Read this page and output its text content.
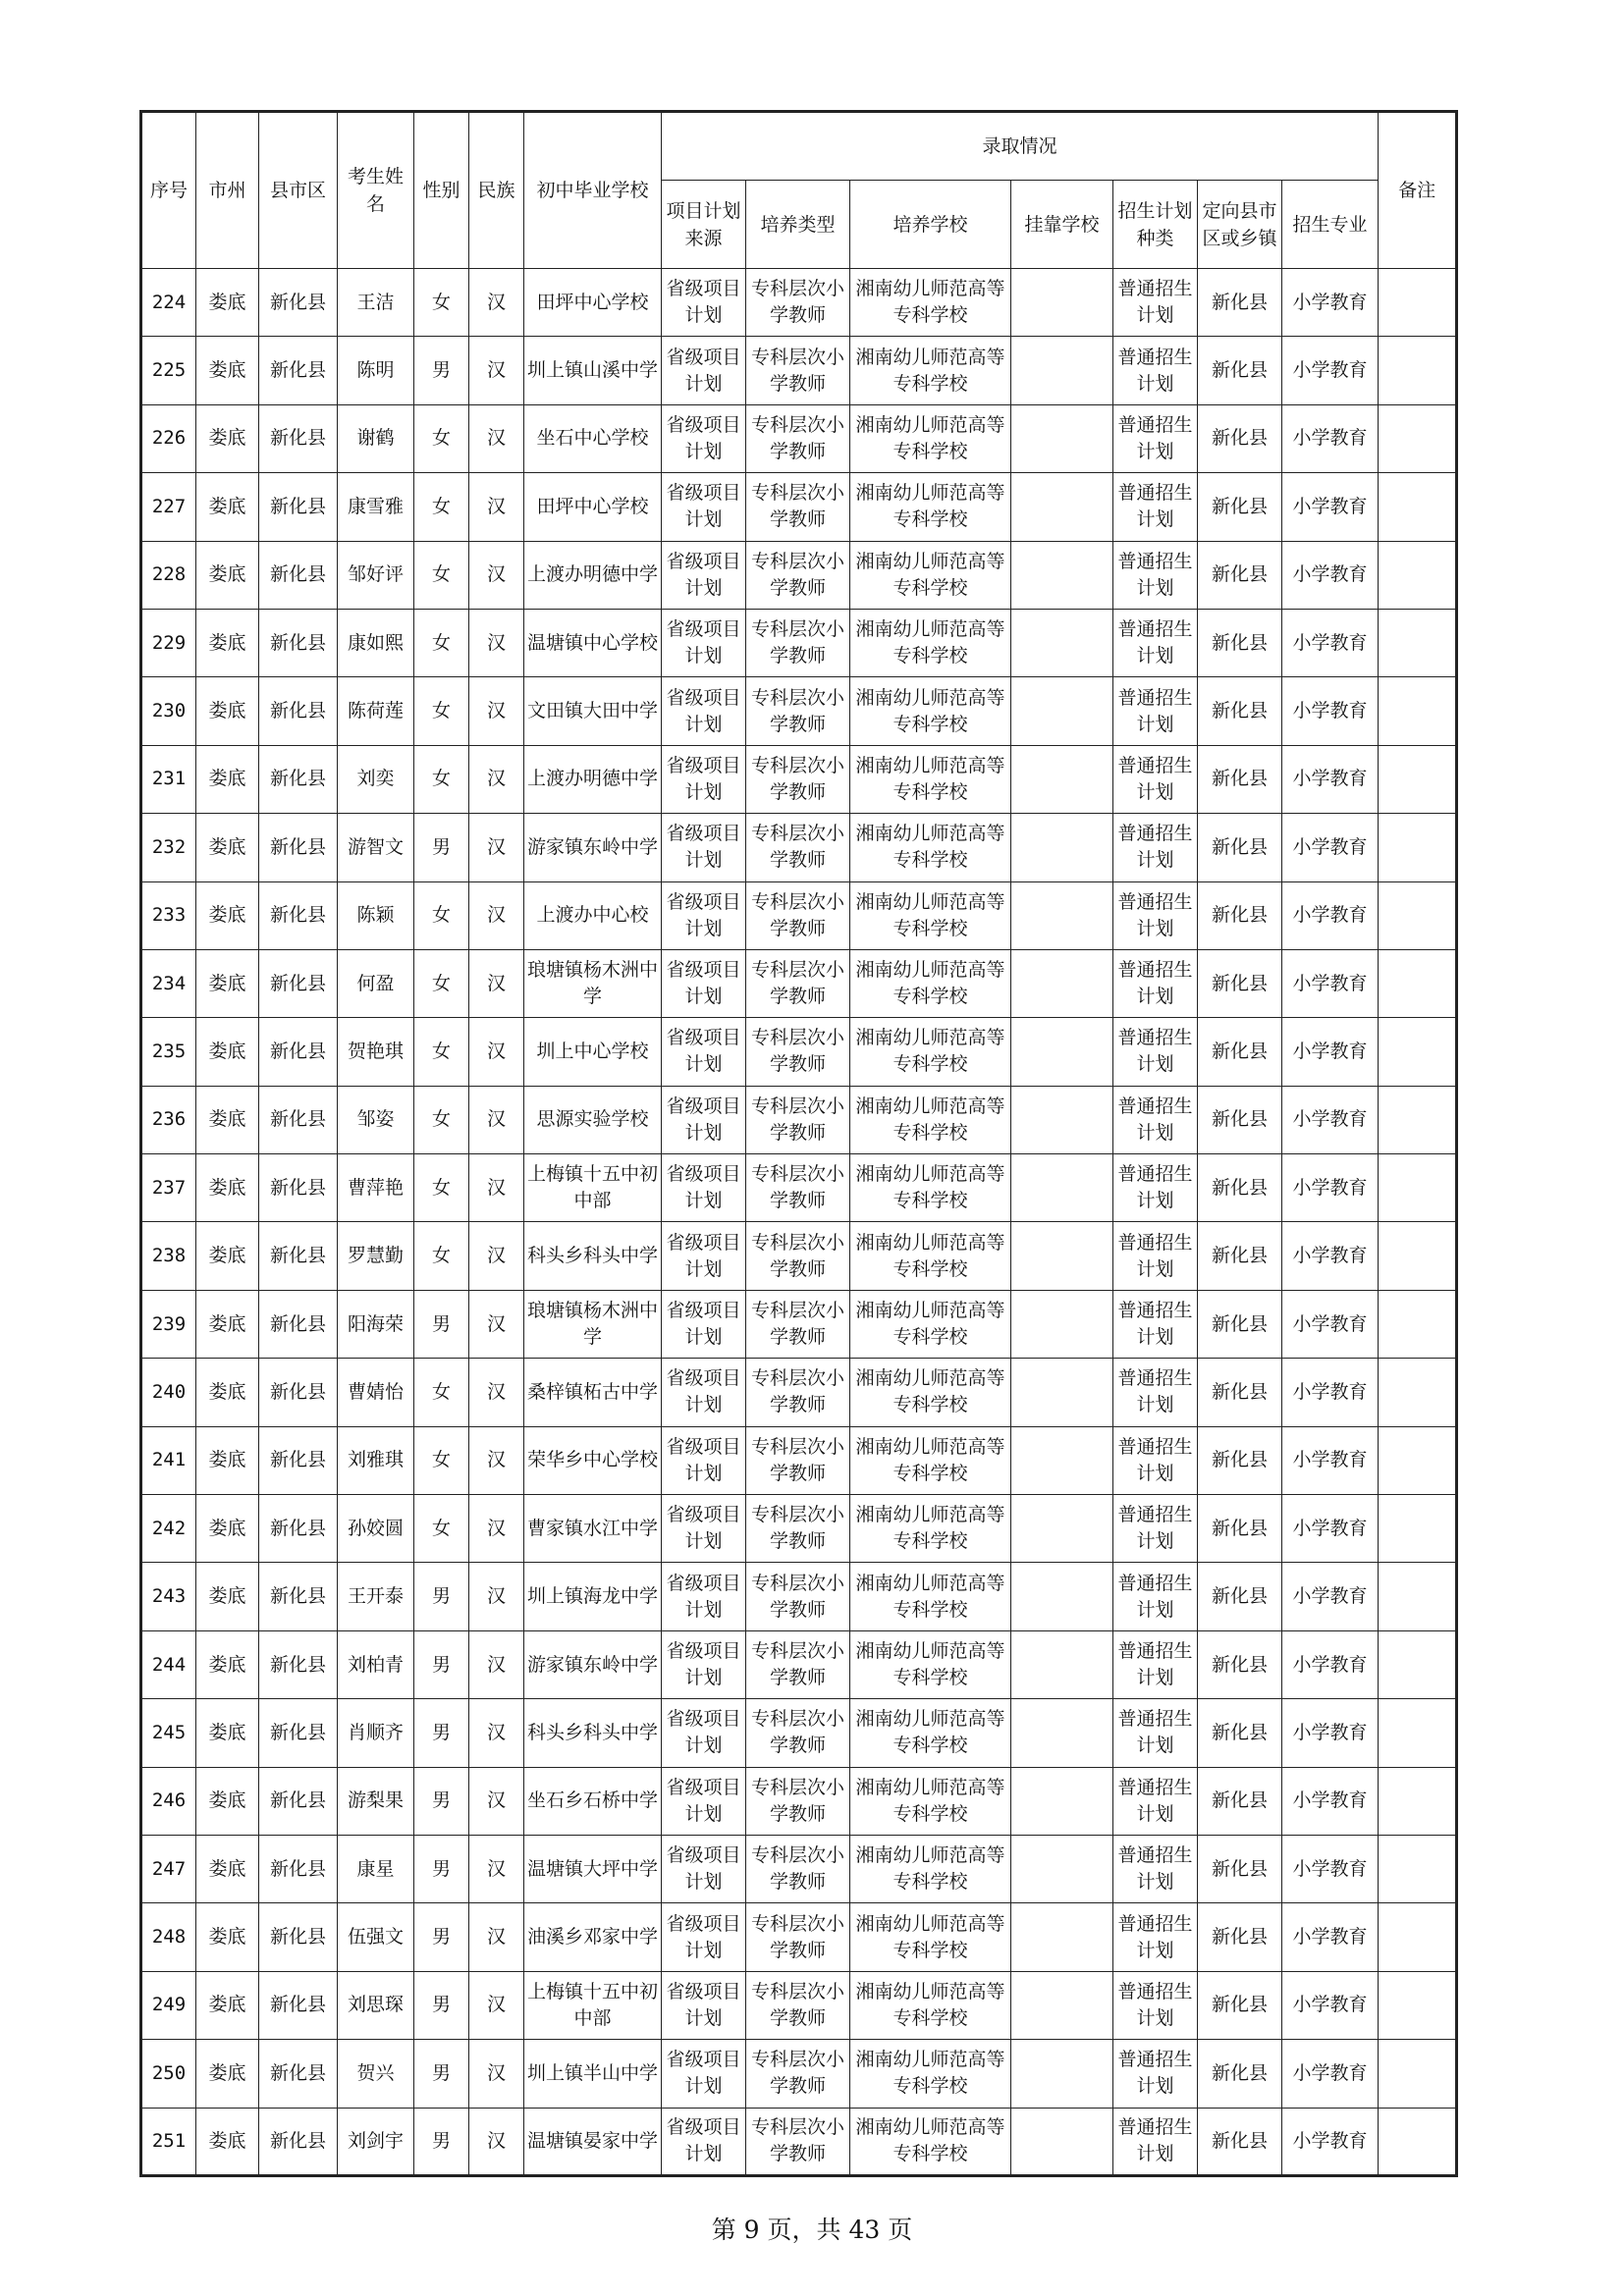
序号	市州	县市区	考生姓名	性别	民族	初中毕业学校	录取情况							备注
							项目计划来源	培养类型	培养学校	挂靠学校	招生计划种类	定向县市区或乡镇	招生专业	
224	娄底	新化县	王洁	女	汉	田坪中心学校	省级项目计划	专科层次小学教师	湘南幼儿师范高等专科学校		普通招生计划	新化县	小学教育	
225	娄底	新化县	陈明	男	汉	圳上镇山溪中学	省级项目计划	专科层次小学教师	湘南幼儿师范高等专科学校		普通招生计划	新化县	小学教育	
226	娄底	新化县	谢鹤	女	汉	坐石中心学校	省级项目计划	专科层次小学教师	湘南幼儿师范高等专科学校		普通招生计划	新化县	小学教育	
227	娄底	新化县	康雪雅	女	汉	田坪中心学校	省级项目计划	专科层次小学教师	湘南幼儿师范高等专科学校		普通招生计划	新化县	小学教育	
228	娄底	新化县	邹好评	女	汉	上渡办明德中学	省级项目计划	专科层次小学教师	湘南幼儿师范高等专科学校		普通招生计划	新化县	小学教育	
229	娄底	新化县	康如熙	女	汉	温塘镇中心学校	省级项目计划	专科层次小学教师	湘南幼儿师范高等专科学校		普通招生计划	新化县	小学教育	
230	娄底	新化县	陈荷莲	女	汉	文田镇大田中学	省级项目计划	专科层次小学教师	湘南幼儿师范高等专科学校		普通招生计划	新化县	小学教育	
231	娄底	新化县	刘奕	女	汉	上渡办明德中学	省级项目计划	专科层次小学教师	湘南幼儿师范高等专科学校		普通招生计划	新化县	小学教育	
232	娄底	新化县	游智文	男	汉	游家镇东岭中学	省级项目计划	专科层次小学教师	湘南幼儿师范高等专科学校		普通招生计划	新化县	小学教育	
233	娄底	新化县	陈颖	女	汉	上渡办中心校	省级项目计划	专科层次小学教师	湘南幼儿师范高等专科学校		普通招生计划	新化县	小学教育	
234	娄底	新化县	何盈	女	汉	琅塘镇杨木洲中学	省级项目计划	专科层次小学教师	湘南幼儿师范高等专科学校		普通招生计划	新化县	小学教育	
235	娄底	新化县	贺艳琪	女	汉	圳上中心学校	省级项目计划	专科层次小学教师	湘南幼儿师范高等专科学校		普通招生计划	新化县	小学教育	
236	娄底	新化县	邹姿	女	汉	思源实验学校	省级项目计划	专科层次小学教师	湘南幼儿师范高等专科学校		普通招生计划	新化县	小学教育	
237	娄底	新化县	曹萍艳	女	汉	上梅镇十五中初中部	省级项目计划	专科层次小学教师	湘南幼儿师范高等专科学校		普通招生计划	新化县	小学教育	
238	娄底	新化县	罗慧勤	女	汉	科头乡科头中学	省级项目计划	专科层次小学教师	湘南幼儿师范高等专科学校		普通招生计划	新化县	小学教育	
239	娄底	新化县	阳海荣	男	汉	琅塘镇杨木洲中学	省级项目计划	专科层次小学教师	湘南幼儿师范高等专科学校		普通招生计划	新化县	小学教育	
240	娄底	新化县	曹婧怡	女	汉	桑梓镇柘古中学	省级项目计划	专科层次小学教师	湘南幼儿师范高等专科学校		普通招生计划	新化县	小学教育	
241	娄底	新化县	刘雅琪	女	汉	荣华乡中心学校	省级项目计划	专科层次小学教师	湘南幼儿师范高等专科学校		普通招生计划	新化县	小学教育	
242	娄底	新化县	孙姣圆	女	汉	曹家镇水江中学	省级项目计划	专科层次小学教师	湘南幼儿师范高等专科学校		普通招生计划	新化县	小学教育	
243	娄底	新化县	王开泰	男	汉	圳上镇海龙中学	省级项目计划	专科层次小学教师	湘南幼儿师范高等专科学校		普通招生计划	新化县	小学教育	
244	娄底	新化县	刘柏青	男	汉	游家镇东岭中学	省级项目计划	专科层次小学教师	湘南幼儿师范高等专科学校		普通招生计划	新化县	小学教育	
245	娄底	新化县	肖顺齐	男	汉	科头乡科头中学	省级项目计划	专科层次小学教师	湘南幼儿师范高等专科学校		普通招生计划	新化县	小学教育	
246	娄底	新化县	游梨果	男	汉	坐石乡石桥中学	省级项目计划	专科层次小学教师	湘南幼儿师范高等专科学校		普通招生计划	新化县	小学教育	
247	娄底	新化县	康星	男	汉	温塘镇大坪中学	省级项目计划	专科层次小学教师	湘南幼儿师范高等专科学校		普通招生计划	新化县	小学教育	
248	娄底	新化县	伍强文	男	汉	油溪乡邓家中学	省级项目计划	专科层次小学教师	湘南幼儿师范高等专科学校		普通招生计划	新化县	小学教育	
249	娄底	新化县	刘思琛	男	汉	上梅镇十五中初中部	省级项目计划	专科层次小学教师	湘南幼儿师范高等专科学校		普通招生计划	新化县	小学教育	
250	娄底	新化县	贺兴	男	汉	圳上镇半山中学	省级项目计划	专科层次小学教师	湘南幼儿师范高等专科学校		普通招生计划	新化县	小学教育	
251	娄底	新化县	刘剑宇	男	汉	温塘镇晏家中学	省级项目计划	专科层次小学教师	湘南幼儿师范高等专科学校		普通招生计划	新化县	小学教育	
第 9 页，共 43 页
